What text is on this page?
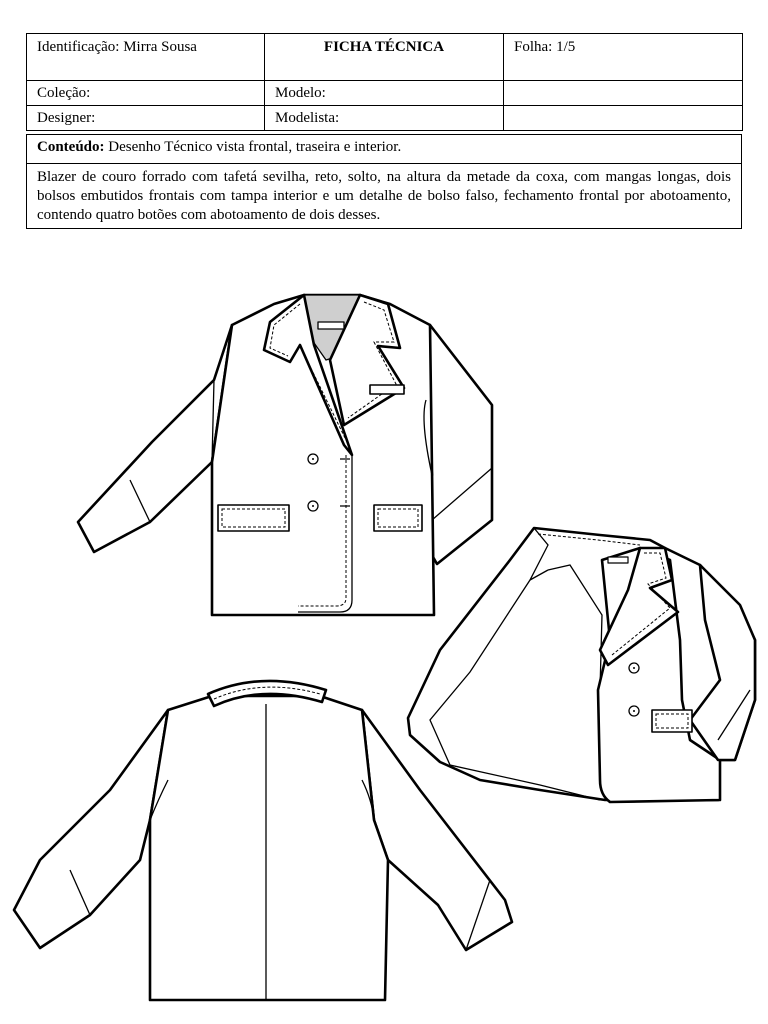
Identificação: Mirra Sousa	FICHA TÉCNICA	Folha: 1/5
Coleção:	Modelo:	
Designer:	Modelista:	
Conteúdo: Desenho Técnico vista frontal, traseira e interior.
Blazer de couro forrado com tafetá sevilha, reto, solto, na altura da metade da coxa, com mangas longas, dois bolsos embutidos frontais com tampa interior e um detalhe de bolso falso, fechamento frontal por abotoamento, contendo quatro botões com abotoamento de dois desses.
